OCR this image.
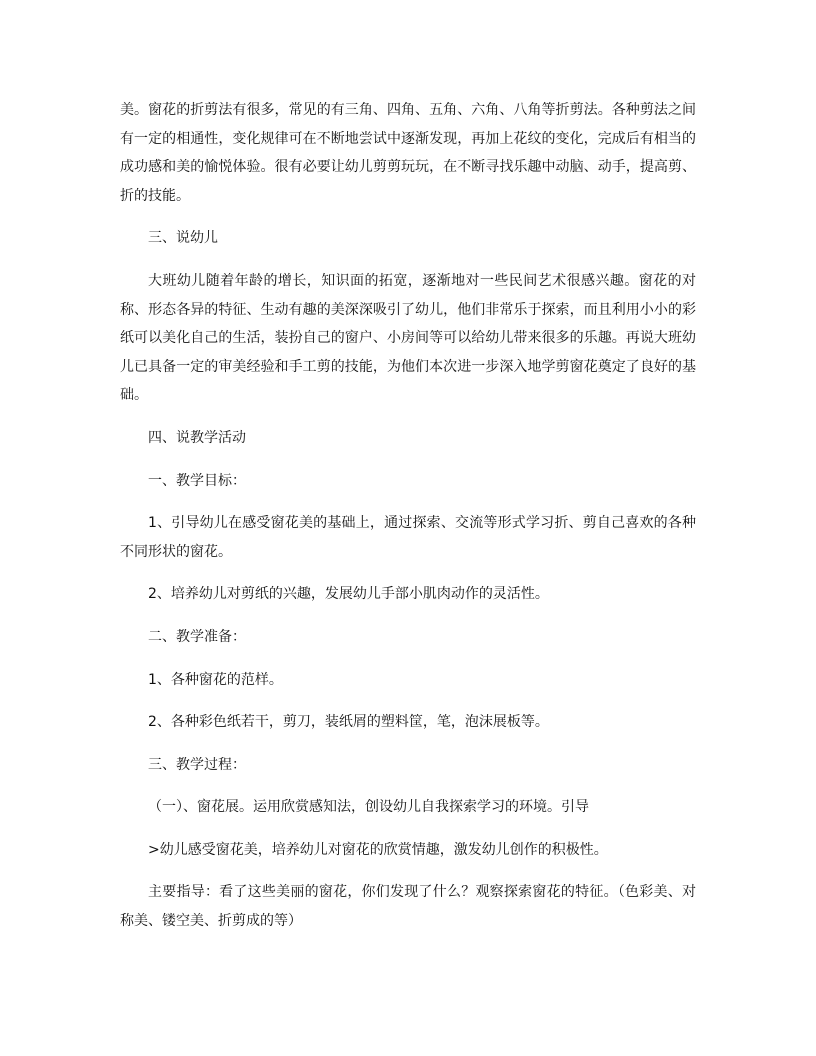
美。窗花的折剪法有很多，常见的有三角、四角、五角、六角、八角等折剪法。各种剪法之间有一定的相通性，变化规律可在不断地尝试中逐渐发现，再加上花纹的变化，完成后有相当的成功感和美的愉悦体验。很有必要让幼儿剪剪玩玩，在不断寻找乐趣中动脑、动手，提高剪、折的技能。

三、说幼儿

大班幼儿随着年龄的增长，知识面的拓宽，逐渐地对一些民间艺术很感兴趣。窗花的对称、形态各异的特征、生动有趣的美深深吸引了幼儿，他们非常乐于探索，而且利用小小的彩纸可以美化自己的生活，装扮自己的窗户、小房间等可以给幼儿带来很多的乐趣。再说大班幼儿已具备一定的审美经验和手工剪的技能，为他们本次进一步深入地学剪窗花奠定了良好的基础。

四、说教学活动

一、教学目标：

1、引导幼儿在感受窗花美的基础上，通过探索、交流等形式学习折、剪自己喜欢的各种不同形状的窗花。

2、培养幼儿对剪纸的兴趣，发展幼儿手部小肌肉动作的灵活性。

二、教学准备：

1、各种窗花的范样。

2、各种彩色纸若干，剪刀，装纸屑的塑料筐，笔，泡沫展板等。

三、教学过程：

（一）、窗花展。运用欣赏感知法，创设幼儿自我探索学习的环境。引导

>幼儿感受窗花美，培养幼儿对窗花的欣赏情趣，激发幼儿创作的积极性。

主要指导：看了这些美丽的窗花，你们发现了什么？观察探索窗花的特征。（色彩美、对称美、镂空美、折剪成的等）
